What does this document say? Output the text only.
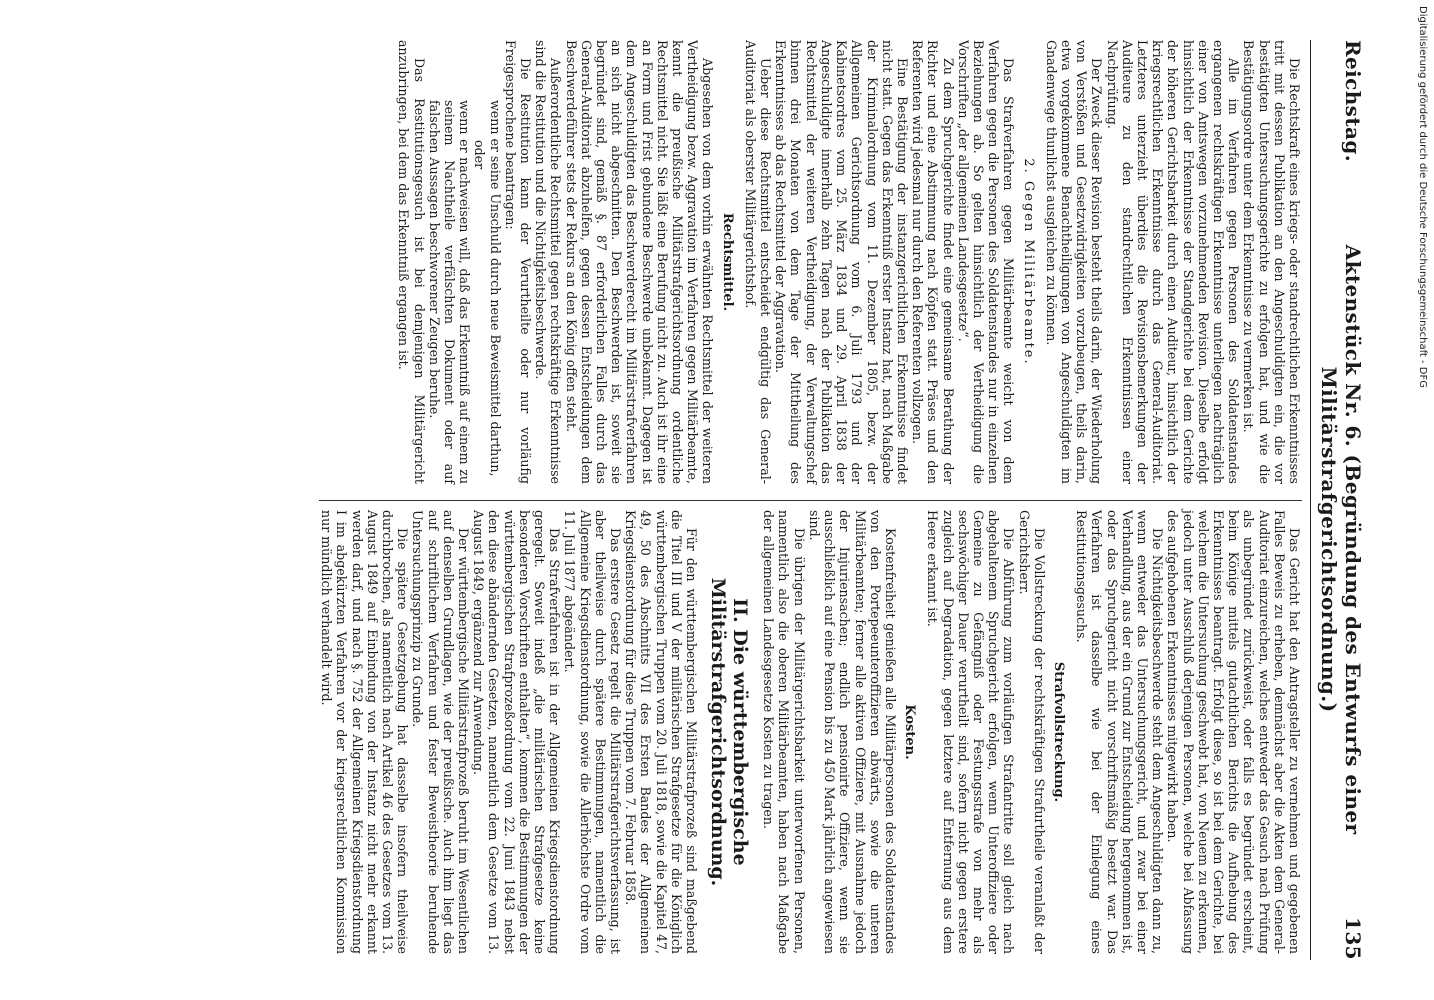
Reichstag.
Aktenstück Nr. 6. (Begründung des Entwurfs einer Militärstrafgerichtsordnung.)
135

Die Rechtskraft eines kriegs- oder standrechtlichen Erkenntnisses tritt mit dessen Publikation an den Angeschuldigten ein, die vor bestätigten Untersuchungsgerichte zu erfolgen hat, und wie die Bestätigungsordre unter dem Erkenntnisse zu vermerken ist.

Alle im Verfahren gegen Personen des Soldatenstandes ergangenen rechtskräftigen Erkenntnisse unterliegen nachträglich einer von Amtswegen vorzunehmenden Revision. Dieselbe erfolgt hinsichtlich der Erkenntnisse der Standgerichte bei dem Gerichte der höheren Gerichtsbarkeit durch einen Auditeur, hinsichtlich der kriegsrechtlichen Erkenntnisse durch das General-Auditoriat. Letzteres unterzieht überdies die Revisionsbemerkungen der Auditeure zu den standrechtlichen Erkenntnissen einer Nachprüfung.

Der Zweck dieser Revision besteht theils darin, der Wiederholung von Verstößen und Gesetzwidrigkeiten vorzubeugen, theils darin, etwa vorgekommene Benachtheiligungen von Angeschuldigten im Gnadenwege thunlichst ausgleichen zu können.

2. Gegen Militärbeamte.

Das Strafverfahren gegen Militärbeamte weicht von dem Verfahren gegen die Personen des Soldatenstandes nur in einzelnen Beziehungen ab. So gelten hinsichtlich der Vertheidigung die Vorschriften „der allgemeinen Landesgesetze“.

Zu dem Spruchgerichte findet eine gemeinsame Berathung der Richter und eine Abstimmung nach Köpfen statt. Präses und den Referenten wird jedesmal nur durch den Referenten vollzogen.

Eine Bestätigung der instanzgerichtlichen Erkenntnisse findet nicht statt. Gegen das Erkenntniß erster Instanz hat, nach Maßgabe der Kriminalordnung vom 11. Dezember 1805, bezw. der Allgemeinen Gerichtsordnung vom 6. Juli 1793 und der Kabinetsordres vom 25. März 1834 und 29. April 1838 der Angeschuldigte innerhalb zehn Tagen nach der Publikation das Rechtsmittel der weiteren Vertheidigung, der Verwaltungschef binnen drei Monaten von dem Tage der Mittheilung des Erkenntnisses ab das Rechtsmittel der Aggravation.

Ueber diese Rechtsmittel entscheidet endgültig das General-Auditoriat als oberster Militärgerichtshof.

Rechtsmittel.

Abgesehen von dem vorhin erwähnten Rechtsmittel der weiteren Vertheidigung bezw. Aggravation im Verfahren gegen Militärbeamte, kennt die preußische Militärstrafgerichtsordnung ordentliche Rechtsmittel nicht. Sie läßt eine Berufung nicht zu. Auch ist ihr eine an Form und Frist gebundene Beschwerde unbekannt. Dagegen ist dem Angeschuldigten das Beschwerderecht im Militärstrafverfahren an sich nicht abgeschnitten. Den Beschwerden ist, soweit sie begründet sind, gemäß §. 87 erforderlichen Falles durch das General-Auditoriat abzuhelfen, gegen dessen Entscheidungen dem Beschwerdeführer stets der Rekurs an den König offen steht.

Außerordentliche Rechtsmittel gegen rechtskräftige Erkenntnisse sind die Restitution und die Nichtigkeitsbeschwerde.

Die Restitution kann der Verurtheilte oder nur vorläufig Freigesprochene beantragen:

wenn er seine Unschuld durch neue Beweismittel darthun,

oder

wenn er nachweisen will, daß das Erkenntniß auf einem zu seinem Nachtheile verfälschten Dokument oder auf falschen Aussagen beschworener Zeugen beruhe.

Das Restitutionsgesuch ist bei demjenigen Militärgericht anzubringen, bei dem das Erkenntniß ergangen ist.

Das Gericht hat den Antragsteller zu vernehmen und gegebenen Falles Beweis zu erheben, demnächst aber die Akten dem General-Auditoriat einzureichen, welches entweder das Gesuch nach Prüfung als unbegründet zurückweist, oder falls es begründet erscheint, beim Könige mittels gutachtlichen Berichts die Aufhebung des Erkenntnisses beantragt. Erfolgt diese, so ist bei dem Gerichte, bei welchem die Untersuchung geschwebt hat, von Neuem zu erkennen, jedoch unter Ausschluß derjenigen Personen, welche bei Abfassung des aufgehobenen Erkenntnisses mitgewirkt haben.

Die Nichtigkeitsbeschwerde steht dem Angeschuldigten dann zu, wenn entweder das Untersuchungsgericht, und zwar bei einer Verhandlung, aus der ein Grund zur Entscheidung hergenommen ist, oder das Spruchgericht nicht vorschriftsmäßig besetzt war. Das Verfahren ist dasselbe wie bei der Einlegung eines Restitutionsgesuchs.

Strafvollstreckung.

Die Vollstreckung der rechtskräftigen Strafurtheile veranlaßt der Gerichtsherr.

Die Abführung zum vorläufigen Strafantritte soll gleich nach abgehaltenem Spruchgericht erfolgen, wenn Unteroffiziere oder Gemeine zu Gefängniß oder Festungsstrafe von mehr als sechswöchiger Dauer verurtheilt sind, sofern nicht gegen erstere zugleich auf Degradation, gegen letztere auf Entfernung aus dem Heere erkannt ist.

Kosten.

Kostenfreiheit genießen alle Militärpersonen des Soldatenstandes von den Portepeeunteroffizieren abwärts, sowie die unteren Militärbeamten; ferner alle aktiven Offiziere, mit Ausnahme jedoch der Injuriensachen; endlich pensionirte Offiziere, wenn sie ausschließlich auf eine Pension bis zu 450 Mark jährlich angewiesen sind.

Die übrigen der Militärgerichtsbarkeit unterworfenen Personen, namentlich also die oberen Militärbeamten, haben nach Maßgabe der allgemeinen Landesgesetze Kosten zu tragen.

II. Die württembergische Militärstrafgerichtsordnung.

Für den württembergischen Militärstrafprozeß sind maßgebend die Titel III und V der militärischen Strafgesetze für die Königlich württembergischen Truppen vom 20. Juli 1818, sowie die Kapitel 47, 49, 50 des Abschnitts VII des Ersten Bandes der Allgemeinen Kriegsdienstordnung für diese Truppen vom 7. Februar 1858.

Das erstere Gesetz regelt die Militärstrafgerichtsverfassung, ist aber theilweise durch spätere Bestimmungen, namentlich die Allgemeine Kriegsdienstordnung, sowie die Allerhöchste Ordre vom 11. Juli 1877 abgeändert.

Das Strafverfahren ist in der Allgemeinen Kriegsdienstordnung geregelt. Soweit indeß „die militärischen Strafgesetze keine besonderen Vorschriften enthalten“, kommen die Bestimmungen der württembergischen Strafprozeßordnung vom 22. Juni 1843 nebst den diese abändernden Gesetzen, namentlich dem Gesetze vom 13. August 1849, ergänzend zur Anwendung.

Der württembergische Militärstrafprozeß beruht im Wesentlichen auf denselben Grundlagen, wie der preußische. Auch ihm liegt das auf schriftlichem Verfahren und fester Beweistheorie beruhende Untersuchungsprinzip zu Grunde.

Die spätere Gesetzgebung hat dasselbe insofern theilweise durchbrochen, als namentlich nach Artikel 46 des Gesetzes vom 13. August 1849 auf Einbindung von der Instanz nicht mehr erkannt werden darf, und nach §. 752 der Allgemeinen Kriegsdienstordnung I im abgekürzten Verfahren vor der kriegsrechtlichen Kommission nur mündlich verhandelt wird.

Digitalisierung gefördert durch die Deutsche Forschungsgemeinschaft - DFG
